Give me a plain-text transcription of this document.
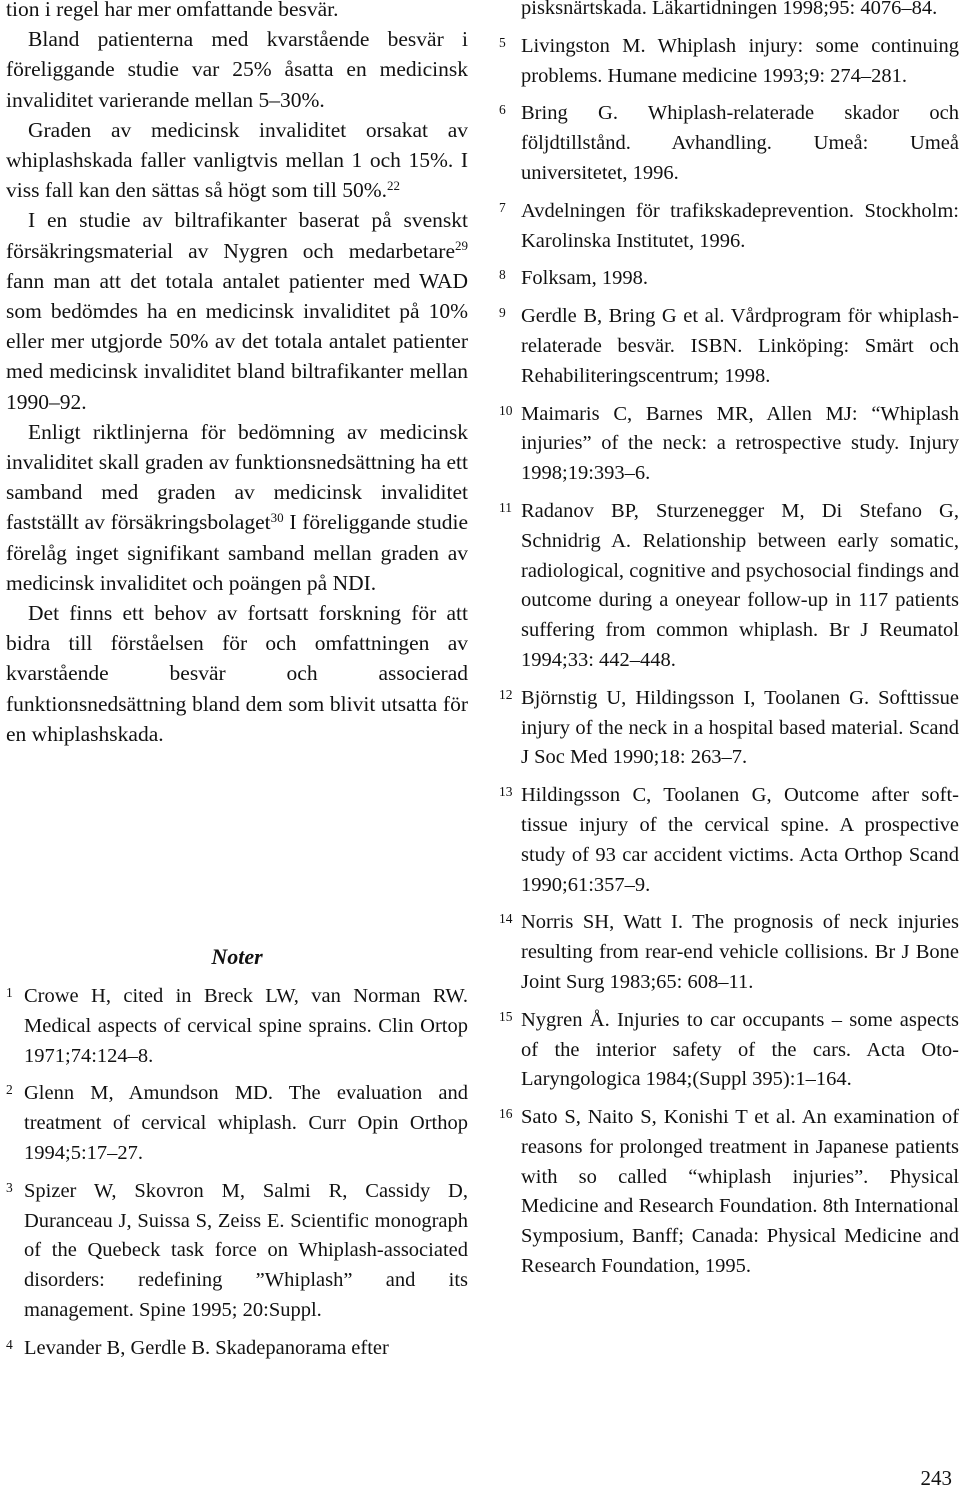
tion i regel har mer omfattande besvär.

Bland patienterna med kvarstående besvär i föreliggande studie var 25% åsatta en medicinsk invaliditet varierande mellan 5–30%.

Graden av medicinsk invaliditet orsakat av whiplashskada faller vanligtvis mellan 1 och 15%. I viss fall kan den sättas så högt som till 50%.$^{22}$

I en studie av biltrafikanter baserat på svenskt försäkringsmaterial av Nygren och medarbetare$^{29}$ fann man att det totala antalet patienter med WAD som bedömdes ha en medicinsk invaliditet på 10% eller mer utgjorde 50% av det totala antalet patienter med medicinsk invaliditet bland biltrafikanter mellan 1990–92.

Enligt riktlinjerna för bedömning av medicinsk invaliditet skall graden av funktionsnedsättning ha ett samband med graden av medicinsk invaliditet fastställt av försäkringsbolaget$^{30}$ I föreliggande studie förelåg inget signifikant samband mellan graden av medicinsk invaliditet och poängen på NDI.

Det finns ett behov av fortsatt forskning för att bidra till förståelsen för och omfattningen av kvarstående besvär och associerad funktionsnedsättning bland dem som blivit utsatta för en whiplashskada.

Noter

1 Crowe H, cited in Breck LW, van Norman RW. Medical aspects of cervical spine sprains. Clin Ortop 1971;74:124–8.

2 Glenn M, Amundson MD. The evaluation and treatment of cervical whiplash. Curr Opin Orthop 1994;5:17–27.

3 Spizer W, Skovron M, Salmi R, Cassidy D, Duranceau J, Suissa S, Zeiss E. Scientific monograph of the Quebeck task force on Whiplash-associated disorders: redefining ”Whiplash” and its management. Spine 1995; 20:Suppl.

4 Levander B, Gerdle B. Skadepanorama efter

pisksnärtskada. Läkartidningen 1998;95: 4076–84.

5 Livingston M. Whiplash injury: some continuing problems. Humane medicine 1993;9: 274–281.

6 Bring G. Whiplash-relaterade skador och följdtillstånd. Avhandling. Umeå: Umeå universitetet, 1996.

7 Avdelningen för trafikskadeprevention. Stockholm: Karolinska Institutet, 1996.

8 Folksam, 1998.

9 Gerdle B, Bring G et al. Vårdprogram för whiplash-relaterade besvär. ISBN. Linköping: Smärt och Rehabiliteringscentrum; 1998.

10 Maimaris C, Barnes MR, Allen MJ: “Whiplash injuries” of the neck: a retrospective study. Injury 1998;19:393–6.

11 Radanov BP, Sturzenegger M, Di Stefano G, Schnidrig A. Relationship between early somatic, radiological, cognitive and psychosocial findings and outcome during a oneyear follow-up in 117 patients suffering from common whiplash. Br J Reumatol 1994;33: 442–448.

12 Björnstig U, Hildingsson I, Toolanen G. Softtissue injury of the neck in a hospital based material. Scand J Soc Med 1990;18: 263–7.

13 Hildingsson C, Toolanen G, Outcome after soft-tissue injury of the cervical spine. A prospective study of 93 car accident victims. Acta Orthop Scand 1990;61:357–9.

14 Norris SH, Watt I. The prognosis of neck injuries resulting from rear-end vehicle collisions. Br J Bone Joint Surg 1983;65: 608–11.

15 Nygren Å. Injuries to car occupants – some aspects of the interior safety of the cars. Acta Oto-Laryngologica 1984;(Suppl 395):1–164.

16 Sato S, Naito S, Konishi T et al. An examination of reasons for prolonged treatment in Japanese patients with so called “whiplash injuries”. Physical Medicine and Research Foundation. 8th International Symposium, Banff; Canada: Physical Medicine and Research Foundation, 1995.

243
